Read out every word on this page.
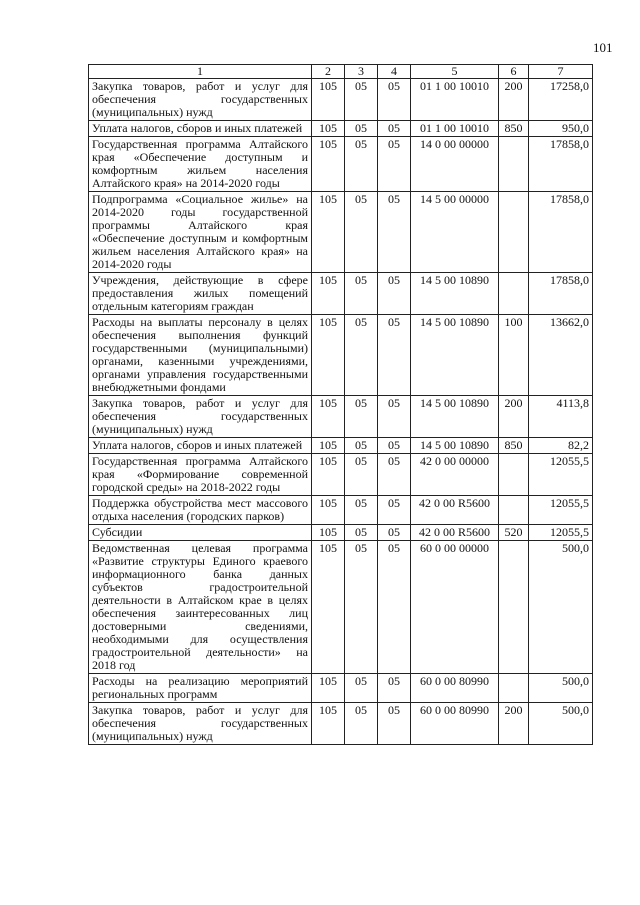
101
1	2	3	4	5	6	7
Закупка товаров, работ и услуг для обеспечения государственных (муниципальных) нужд	105	05	05	01 1 00 10010	200	17258,0
Уплата налогов, сборов и иных платежей	105	05	05	01 1 00 10010	850	950,0
Государственная программа Алтайского края «Обеспечение доступным и комфортным жильем населения Алтайского края» на 2014-2020 годы	105	05	05	14 0 00 00000		17858,0
Подпрограмма «Социальное жилье» на 2014-2020 годы государственной программы Алтайского края «Обеспечение доступным и комфортным жильем населения Алтайского края» на 2014-2020 годы	105	05	05	14 5 00 00000		17858,0
Учреждения, действующие в сфере предоставления жилых помещений отдельным категориям граждан	105	05	05	14 5 00 10890		17858,0
Расходы на выплаты персоналу в целях обеспечения выполнения функций государственными (муниципальными) органами, казенными учреждениями, органами управления государственными внебюджетными фондами	105	05	05	14 5 00 10890	100	13662,0
Закупка товаров, работ и услуг для обеспечения государственных (муниципальных) нужд	105	05	05	14 5 00 10890	200	4113,8
Уплата налогов, сборов и иных платежей	105	05	05	14 5 00 10890	850	82,2
Государственная программа Алтайского края «Формирование современной городской среды» на 2018-2022 годы	105	05	05	42 0 00 00000		12055,5
Поддержка обустройства мест массового отдыха населения (городских парков)	105	05	05	42 0 00 R5600		12055,5
Субсидии	105	05	05	42 0 00 R5600	520	12055,5
Ведомственная целевая программа «Развитие структуры Единого краевого информационного банка данных субъектов градостроительной деятельности в Алтайском крае в целях обеспечения заинтересованных лиц достоверными сведениями, необходимыми для осуществления градостроительной деятельности» на 2018 год	105	05	05	60 0 00 00000		500,0
Расходы на реализацию мероприятий региональных программ	105	05	05	60 0 00 80990		500,0
Закупка товаров, работ и услуг для обеспечения государственных (муниципальных) нужд	105	05	05	60 0 00 80990	200	500,0
